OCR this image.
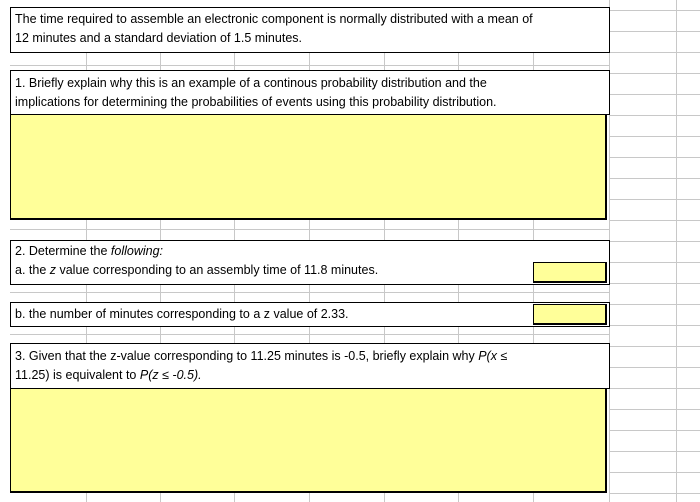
The time required to assemble an electronic component is normally distributed with a mean of
12 minutes and a standard deviation of 1.5 minutes.
1. Briefly explain why this is an example of a continous probability distribution and the
implications for determining the probabilities of events using this probability distribution.
2. Determine the following:
a. the z value corresponding to an assembly time of 11.8 minutes.
b. the number of minutes corresponding to a z value of 2.33.
3. Given that the z-value corresponding to 11.25 minutes is -0.5, briefly explain why P(x ≤
11.25) is equivalent to P(z ≤ -0.5).
